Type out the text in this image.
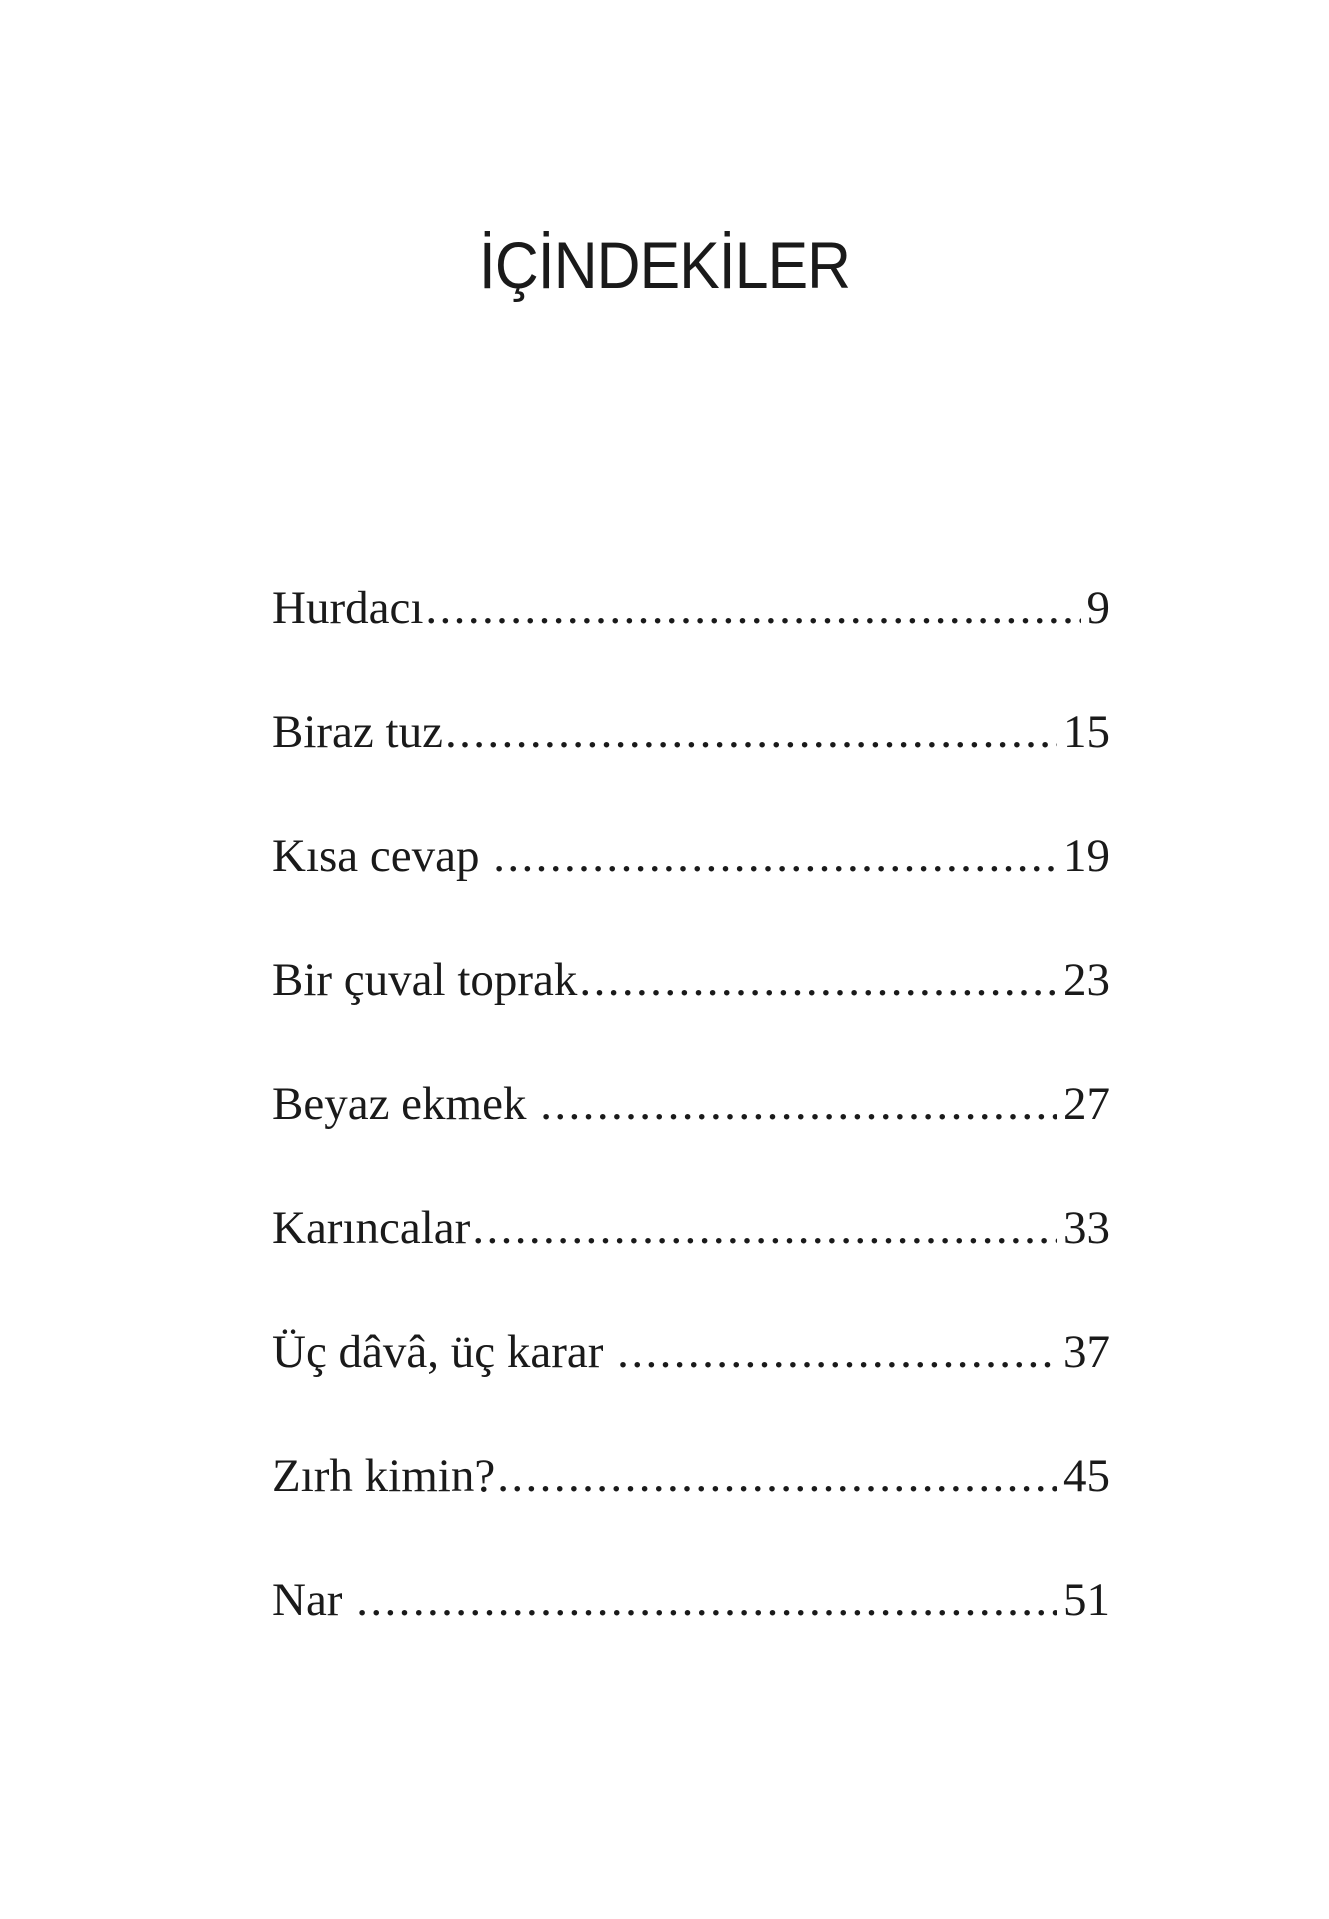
İÇİNDEKİLER
Hurdacı .....	9
Biraz tuz .....	15
Kısa cevap .....	19
Bir çuval toprak .....	23
Beyaz ekmek .....	27
Karıncalar .....	33
Üç dâvâ, üç karar .....	37
Zırh kimin? .....	45
Nar .....	51
